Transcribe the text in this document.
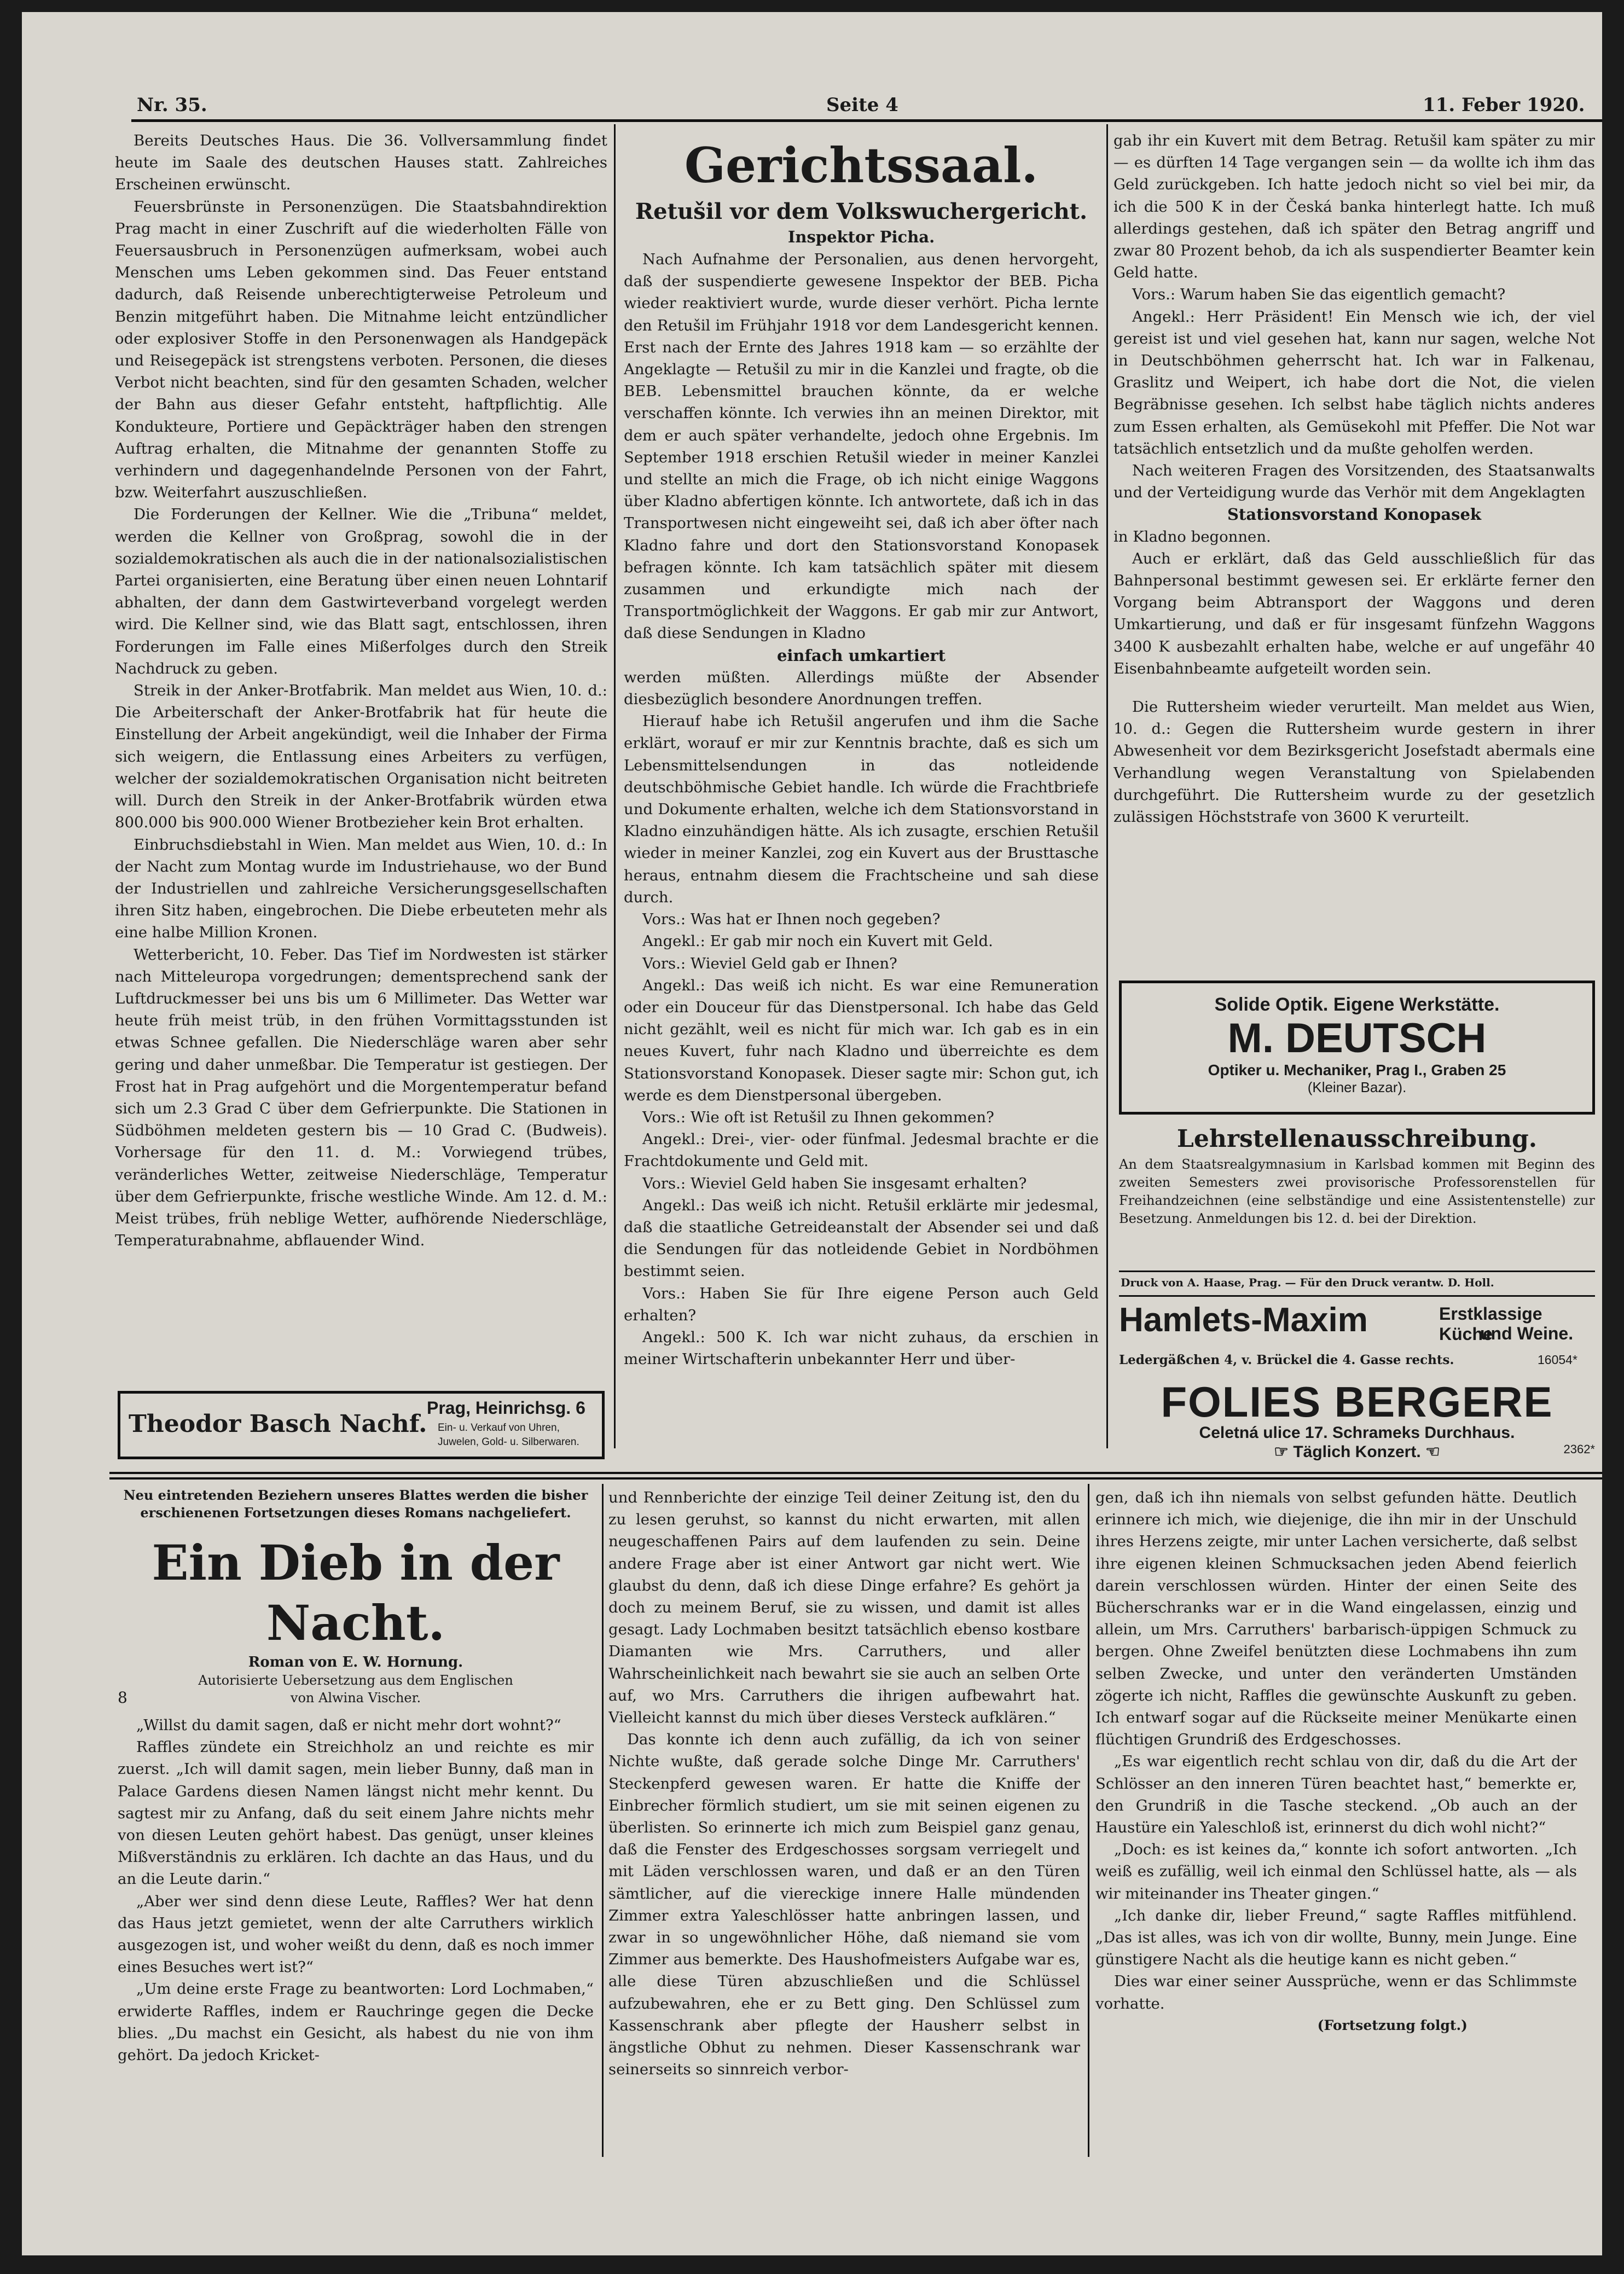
Nr. 35.	Seite 4	11. Feber 1920.

Bereits Deutsches Haus. Die 36. Vollversammlung findet heute im Saale des deutschen Hauses statt. Zahlreiches Erscheinen erwünscht.

Feuersbrünste in Personenzügen. Die Staatsbahndirektion Prag macht in einer Zuschrift auf die wiederholten Fälle von Feuersausbruch in Personenzügen aufmerksam, wobei auch Menschen ums Leben gekommen sind. Das Feuer entstand dadurch, daß Reisende unberechtigterweise Petroleum und Benzin mitgeführt haben. Die Mitnahme leicht entzündlicher oder explosiver Stoffe in den Personenwagen als Handgepäck und Reisegepäck ist strengstens verboten. Personen, die dieses Verbot nicht beachten, sind für den gesamten Schaden, welcher der Bahn aus dieser Gefahr entsteht, haftpflichtig. Alle Kondukteure, Portiere und Gepäckträger haben den strengen Auftrag erhalten, die Mitnahme der genannten Stoffe zu verhindern und dagegenhandelnde Personen von der Fahrt, bzw. Weiterfahrt auszuschließen.

Die Forderungen der Kellner. Wie die „Tribuna“ meldet, werden die Kellner von Großprag, sowohl die in der sozialdemokratischen als auch die in der nationalsozialistischen Partei organisierten, eine Beratung über einen neuen Lohntarif abhalten, der dann dem Gastwirteverband vorgelegt werden wird. Die Kellner sind, wie das Blatt sagt, entschlossen, ihren Forderungen im Falle eines Mißerfolges durch den Streik Nachdruck zu geben.

Streik in der Anker-Brotfabrik. Man meldet aus Wien, 10. d.: Die Arbeiterschaft der Anker-Brotfabrik hat für heute die Einstellung der Arbeit angekündigt, weil die Inhaber der Firma sich weigern, die Entlassung eines Arbeiters zu verfügen, welcher der sozialdemokratischen Organisation nicht beitreten will. Durch den Streik in der Anker-Brotfabrik würden etwa 800.000 bis 900.000 Wiener Brotbezieher kein Brot erhalten.

Einbruchsdiebstahl in Wien. Man meldet aus Wien, 10. d.: In der Nacht zum Montag wurde im Industriehause, wo der Bund der Industriellen und zahlreiche Versicherungsgesellschaften ihren Sitz haben, eingebrochen. Die Diebe erbeuteten mehr als eine halbe Million Kronen.

Wetterbericht, 10. Feber. Das Tief im Nordwesten ist stärker nach Mitteleuropa vorgedrungen; dementsprechend sank der Luftdruckmesser bei uns bis um 6 Millimeter. Das Wetter war heute früh meist trüb, in den frühen Vormittagsstunden ist etwas Schnee gefallen. Die Niederschläge waren aber sehr gering und daher unmeßbar. Die Temperatur ist gestiegen. Der Frost hat in Prag aufgehört und die Morgentemperatur befand sich um 2.3 Grad C über dem Gefrierpunkte. Die Stationen in Südböhmen meldeten gestern bis — 10 Grad C. (Budweis). Vorhersage für den 11. d. M.: Vorwiegend trübes, veränderliches Wetter, zeitweise Niederschläge, Temperatur über dem Gefrierpunkte, frische westliche Winde. Am 12. d. M.: Meist trübes, früh neblige Wetter, aufhörende Niederschläge, Temperaturabnahme, abflauender Wind.

Theodor Basch Nachf.
Prag, Heinrichsg. 6
Ein- u. Verkauf von Uhren,
Juwelen, Gold- u. Silberwaren.
Gerichtssaal.
Retušil vor dem Volkswuchergericht.
Inspektor Picha.

Nach Aufnahme der Personalien, aus denen hervorgeht, daß der suspendierte gewesene Inspektor der BEB. Picha wieder reaktiviert wurde, wurde dieser verhört. Picha lernte den Retušil im Frühjahr 1918 vor dem Landesgericht kennen. Erst nach der Ernte des Jahres 1918 kam — so erzählte der Angeklagte — Retušil zu mir in die Kanzlei und fragte, ob die BEB. Lebensmittel brauchen könnte, da er welche verschaffen könnte. Ich verwies ihn an meinen Direktor, mit dem er auch später verhandelte, jedoch ohne Ergebnis. Im September 1918 erschien Retušil wieder in meiner Kanzlei und stellte an mich die Frage, ob ich nicht einige Waggons über Kladno abfertigen könnte. Ich antwortete, daß ich in das Transportwesen nicht eingeweiht sei, daß ich aber öfter nach Kladno fahre und dort den Stationsvorstand Konopasek befragen könnte. Ich kam tatsächlich später mit diesem zusammen und erkundigte mich nach der Transportmöglichkeit der Waggons. Er gab mir zur Antwort, daß diese Sendungen in Kladno

einfach umkartiert

werden müßten. Allerdings müßte der Absender diesbezüglich besondere Anordnungen treffen.

Hierauf habe ich Retušil angerufen und ihm die Sache erklärt, worauf er mir zur Kenntnis brachte, daß es sich um Lebensmittelsendungen in das notleidende deutschböhmische Gebiet handle. Ich würde die Frachtbriefe und Dokumente erhalten, welche ich dem Stationsvorstand in Kladno einzuhändigen hätte. Als ich zusagte, erschien Retušil wieder in meiner Kanzlei, zog ein Kuvert aus der Brusttasche heraus, entnahm diesem die Frachtscheine und sah diese durch.

Vors.: Was hat er Ihnen noch gegeben?

Angekl.: Er gab mir noch ein Kuvert mit Geld.

Vors.: Wieviel Geld gab er Ihnen?

Angekl.: Das weiß ich nicht. Es war eine Remuneration oder ein Douceur für das Dienstpersonal. Ich habe das Geld nicht gezählt, weil es nicht für mich war. Ich gab es in ein neues Kuvert, fuhr nach Kladno und überreichte es dem Stationsvorstand Konopasek. Dieser sagte mir: Schon gut, ich werde es dem Dienstpersonal übergeben.

Vors.: Wie oft ist Retušil zu Ihnen gekommen?

Angekl.: Drei-, vier- oder fünfmal. Jedesmal brachte er die Frachtdokumente und Geld mit.

Vors.: Wieviel Geld haben Sie insgesamt erhalten?

Angekl.: Das weiß ich nicht. Retušil erklärte mir jedesmal, daß die staatliche Getreideanstalt der Absender sei und daß die Sendungen für das notleidende Gebiet in Nordböhmen bestimmt seien.

Vors.: Haben Sie für Ihre eigene Person auch Geld erhalten?

Angekl.: 500 K. Ich war nicht zuhaus, da erschien in meiner Wirtschafterin unbekannter Herr und über-

gab ihr ein Kuvert mit dem Betrag. Retušil kam später zu mir — es dürften 14 Tage vergangen sein — da wollte ich ihm das Geld zurückgeben. Ich hatte jedoch nicht so viel bei mir, da ich die 500 K in der Česká banka hinterlegt hatte. Ich muß allerdings gestehen, daß ich später den Betrag angriff und zwar 80 Prozent behob, da ich als suspendierter Beamter kein Geld hatte.

Vors.: Warum haben Sie das eigentlich gemacht?

Angekl.: Herr Präsident! Ein Mensch wie ich, der viel gereist ist und viel gesehen hat, kann nur sagen, welche Not in Deutschböhmen geherrscht hat. Ich war in Falkenau, Graslitz und Weipert, ich habe dort die Not, die vielen Begräbnisse gesehen. Ich selbst habe täglich nichts anderes zum Essen erhalten, als Gemüsekohl mit Pfeffer. Die Not war tatsächlich entsetzlich und da mußte geholfen werden.

Nach weiteren Fragen des Vorsitzenden, des Staatsanwalts und der Verteidigung wurde das Verhör mit dem Angeklagten

Stationsvorstand Konopasek

in Kladno begonnen.

Auch er erklärt, daß das Geld ausschließlich für das Bahnpersonal bestimmt gewesen sei. Er erklärte ferner den Vorgang beim Abtransport der Waggons und deren Umkartierung, und daß er für insgesamt fünfzehn Waggons 3400 K ausbezahlt erhalten habe, welche er auf ungefähr 40 Eisenbahnbeamte aufgeteilt worden sein.

Die Ruttersheim wieder verurteilt. Man meldet aus Wien, 10. d.: Gegen die Ruttersheim wurde gestern in ihrer Abwesenheit vor dem Bezirksgericht Josefstadt abermals eine Verhandlung wegen Veranstaltung von Spielabenden durchgeführt. Die Ruttersheim wurde zu der gesetzlich zulässigen Höchststrafe von 3600 K verurteilt.

Solide Optik. Eigene Werkstätte.
M. DEUTSCH
Optiker u. Mechaniker, Prag I., Graben 25
(Kleiner Bazar).
Lehrstellenausschreibung.
An dem Staatsrealgymnasium in Karlsbad kommen mit Beginn des zweiten Semesters zwei provisorische Professorenstellen für Freihandzeichnen (eine selbständige und eine Assistentenstelle) zur Besetzung. Anmeldungen bis 12. d. bei der Direktion.
Druck von A. Haase, Prag. — Für den Druck verantw. D. Holl.
Hamlets-Maxim	Erstklassige Küche
und Weine.
Ledergäßchen 4, v. Brückel die 4. Gasse rechts.	16054*
FOLIES BERGERE
Celetná ulice 17. Schrameks Durchhaus.
☞ Täglich Konzert. ☜	2362*
Neu eintretenden Beziehern unseres Blattes werden die bisher erschienenen Fortsetzungen dieses Romans nachgeliefert.
Ein Dieb in der Nacht.
Roman von E. W. Hornung.
Autorisierte Uebersetzung aus dem Englischen
8	von Alwina Vischer.

„Willst du damit sagen, daß er nicht mehr dort wohnt?“

Raffles zündete ein Streichholz an und reichte es mir zuerst. „Ich will damit sagen, mein lieber Bunny, daß man in Palace Gardens diesen Namen längst nicht mehr kennt. Du sagtest mir zu Anfang, daß du seit einem Jahre nichts mehr von diesen Leuten gehört habest. Das genügt, unser kleines Mißverständnis zu erklären. Ich dachte an das Haus, und du an die Leute darin.“

„Aber wer sind denn diese Leute, Raffles? Wer hat denn das Haus jetzt gemietet, wenn der alte Carruthers wirklich ausgezogen ist, und woher weißt du denn, daß es noch immer eines Besuches wert ist?“

„Um deine erste Frage zu beantworten: Lord Lochmaben,“ erwiderte Raffles, indem er Rauchringe gegen die Decke blies. „Du machst ein Gesicht, als habest du nie von ihm gehört. Da jedoch Kricket-

und Rennberichte der einzige Teil deiner Zeitung ist, den du zu lesen geruhst, so kannst du nicht erwarten, mit allen neugeschaffenen Pairs auf dem laufenden zu sein. Deine andere Frage aber ist einer Antwort gar nicht wert. Wie glaubst du denn, daß ich diese Dinge erfahre? Es gehört ja doch zu meinem Beruf, sie zu wissen, und damit ist alles gesagt. Lady Lochmaben besitzt tatsächlich ebenso kostbare Diamanten wie Mrs. Carruthers, und aller Wahrscheinlichkeit nach bewahrt sie sie auch an selben Orte auf, wo Mrs. Carruthers die ihrigen aufbewahrt hat. Vielleicht kannst du mich über dieses Versteck aufklären.“

Das konnte ich denn auch zufällig, da ich von seiner Nichte wußte, daß gerade solche Dinge Mr. Carruthers' Steckenpferd gewesen waren. Er hatte die Kniffe der Einbrecher förmlich studiert, um sie mit seinen eigenen zu überlisten. So erinnerte ich mich zum Beispiel ganz genau, daß die Fenster des Erdgeschosses sorgsam verriegelt und mit Läden verschlossen waren, und daß er an den Türen sämtlicher, auf die viereckige innere Halle mündenden Zimmer extra Yaleschlösser hatte anbringen lassen, und zwar in so ungewöhnlicher Höhe, daß niemand sie vom Zimmer aus bemerkte. Des Haushofmeisters Aufgabe war es, alle diese Türen abzuschließen und die Schlüssel aufzubewahren, ehe er zu Bett ging. Den Schlüssel zum Kassenschrank aber pflegte der Hausherr selbst in ängstliche Obhut zu nehmen. Dieser Kassenschrank war seinerseits so sinnreich verbor-

gen, daß ich ihn niemals von selbst gefunden hätte. Deutlich erinnere ich mich, wie diejenige, die ihn mir in der Unschuld ihres Herzens zeigte, mir unter Lachen versicherte, daß selbst ihre eigenen kleinen Schmucksachen jeden Abend feierlich darein verschlossen würden. Hinter der einen Seite des Bücherschranks war er in die Wand eingelassen, einzig und allein, um Mrs. Carruthers' barbarisch-üppigen Schmuck zu bergen. Ohne Zweifel benützten diese Lochmabens ihn zum selben Zwecke, und unter den veränderten Umständen zögerte ich nicht, Raffles die gewünschte Auskunft zu geben. Ich entwarf sogar auf die Rückseite meiner Menükarte einen flüchtigen Grundriß des Erdgeschosses.

„Es war eigentlich recht schlau von dir, daß du die Art der Schlösser an den inneren Türen beachtet hast,“ bemerkte er, den Grundriß in die Tasche steckend. „Ob auch an der Haustüre ein Yaleschloß ist, erinnerst du dich wohl nicht?“

„Doch: es ist keines da,“ konnte ich sofort antworten. „Ich weiß es zufällig, weil ich einmal den Schlüssel hatte, als — als wir miteinander ins Theater gingen.“

„Ich danke dir, lieber Freund,“ sagte Raffles mitfühlend. „Das ist alles, was ich von dir wollte, Bunny, mein Junge. Eine günstigere Nacht als die heutige kann es nicht geben.“

Dies war einer seiner Aussprüche, wenn er das Schlimmste vorhatte.

(Fortsetzung folgt.)
